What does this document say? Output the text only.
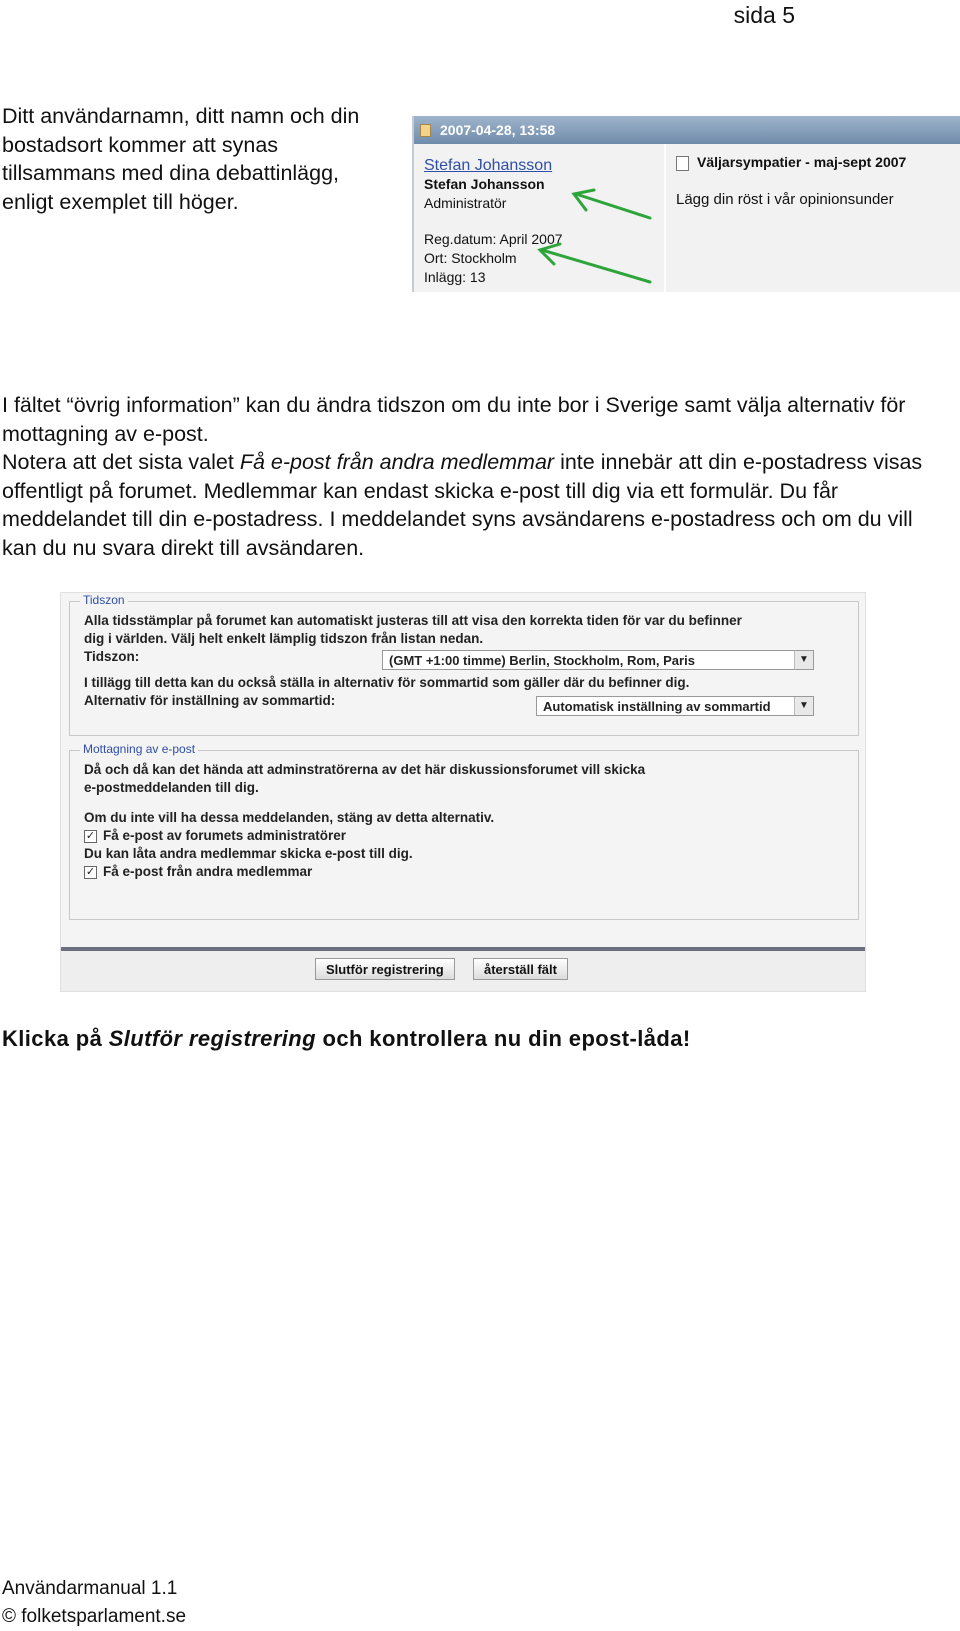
sida 5
Ditt användarnamn, ditt namn och din bostadsort kommer att synas tillsammans med dina debattinlägg, enligt exemplet till höger.
2007-04-28, 13:58
Stefan Johansson
Stefan Johansson
Administratör
Reg.datum: April 2007
Ort: Stockholm
Inlägg: 13
Väljarsympatier - maj-sept 2007
Lägg din röst i vår opinionsunder

I fältet “övrig information” kan du ändra tidszon om du inte bor i Sverige samt välja alternativ för mottagning av e-post.

Notera att det sista valet Få e-post från andra medlemmar inte innebär att din e-postadress visas offentligt på forumet. Medlemmar kan endast skicka e-post till dig via ett formulär. Du får meddelandet till din e-postadress. I meddelandet syns avsändarens e-postadress och om du vill kan du nu svara direkt till avsändaren.

Tidszon
Alla tidsstämplar på forumet kan automatiskt justeras till att visa den korrekta tiden för var du befinner
dig i världen. Välj helt enkelt lämplig tidszon från listan nedan.
Tidszon:	(GMT +1:00 timme) Berlin, Stockholm, Rom, Paris	▼
I tillägg till detta kan du också ställa in alternativ för sommartid som gäller där du befinner dig.
Alternativ för inställning av sommartid:	Automatisk inställning av sommartid	▼
Mottagning av e-post
Då och då kan det hända att adminstratörerna av det här diskussionsforumet vill skicka
e-postmeddelanden till dig.
Om du inte vill ha dessa meddelanden, stäng av detta alternativ.
✓ Få e-post av forumets administratörer
Du kan låta andra medlemmar skicka e-post till dig.
✓ Få e-post från andra medlemmar
Slutför registrering	återställ fält
Klicka på Slutför registrering och kontrollera nu din epost-låda!
Användarmanual 1.1
© folketsparlament.se
